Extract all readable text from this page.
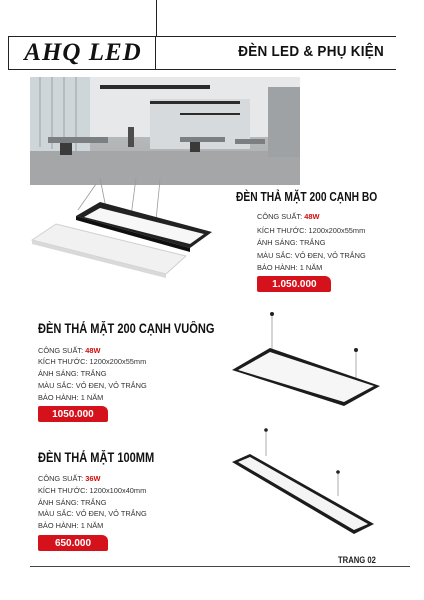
AHQ LED	ĐÈN LED & PHỤ KIỆN
ĐÈN THẢ MẶT 200 CẠNH BO
CÔNG SUẤT: 48W
KÍCH THƯỚC: 1200x200x55mm
ÁNH SÁNG: TRẮNG
MÀU SẮC: VỎ ĐEN, VỎ TRẮNG
BẢO HÀNH: 1 NĂM
1.050.000
ĐÈN THẢ MẶT 200 CẠNH VUÔNG
CÔNG SUẤT: 48W
KÍCH THƯỚC: 1200x200x55mm
ÁNH SÁNG: TRẮNG
MÀU SẮC: VỎ ĐEN, VỎ TRẮNG
BẢO HÀNH: 1 NĂM
1050.000
ĐÈN THẢ MẶT 100MM
CÔNG SUẤT: 36W
KÍCH THƯỚC: 1200x100x40mm
ÁNH SÁNG: TRẮNG
MÀU SẮC: VỎ ĐEN, VỎ TRẮNG
BẢO HÀNH: 1 NĂM
650.000
TRANG 02
